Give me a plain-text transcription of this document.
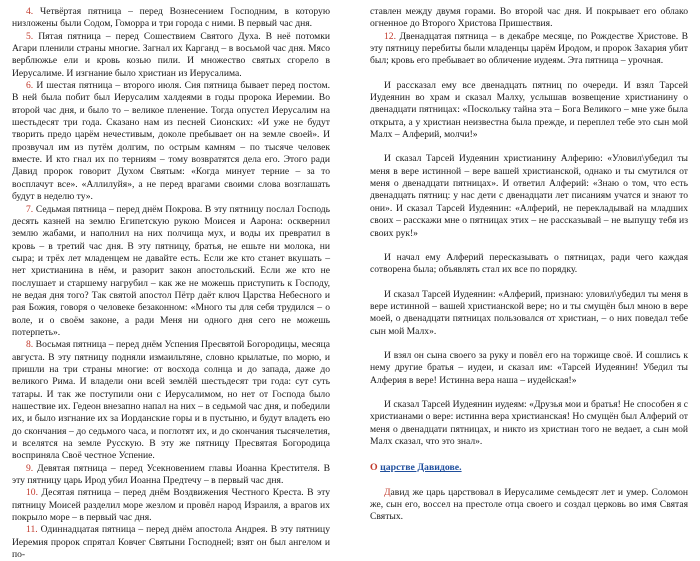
4. Четвёртая пятница – перед Вознесением Господним, в которую низложены были Содом, Гоморра и три города с ними. В первый час дня.

5. Пятая пятница – перед Сошествием Святого Духа. В неё потомки Агари пленили страны многие. Загнал их Карганд – в восьмой час дня. Мясо верблюжье ели и кровь козью пили. И множество святых сгорело в Иерусалиме. И изгнание было христиан из Иерусалима.

6. И шестая пятница – второго июля. Сия пятница бывает перед постом. В ней была побит был Иерусалим халдеями в годы пророка Иеремии. Во второй час дня, и было то – великое пленение. Тогда опустел Иерусалим на шестьдесят три года. Сказано нам из песней Сионских: «И уже не будут творить предо царём нечестивым, доколе пребывает он на земле своей». И прозвучал им из путём долгим, по острым камням – по тысяче человек вместе. И кто гнал их по терниям – тому возвратятся дела его. Этого ради Давид пророк говорит Духом Святым: «Когда минует терние – за то восплачут все». «Аллилуйя», а не перед врагами своими слова возглашать будут в неделю ту».

7. Седьмая пятница – перед днём Покрова. В эту пятницу послал Господь десять казней на землю Египетскую рукою Моисея и Аарона: осквернил землю жабами, и наполнил на них полчища мух, и воды их превратил в кровь – в третий час дня. В эту пятницу, братья, не ешьте ни молока, ни сыра; и трёх лет младенцем не давайте есть. Если же кто станет вкушать – нет христианина в нём, и разорит закон апостольский. Если же кто не послушает и старшему нагрубил – как же не можешь приступить к Господу, не ведая дня того? Так святой апостол Пётр даёт ключ Царства Небесного и рая Божия, говоря о человеке безаконном: «Много ты для себя трудился – о воле, и о своём законе, а ради Меня ни одного дня сего не можешь потерпеть».

8. Восьмая пятница – перед днём Успения Пресвятой Богородицы, месяца августа. В эту пятницу подняли измаильтяне, словно крылатые, по морю, и пришли на три страны многие: от восхода солнца и до запада, даже до великого Рима. И владели они всей землёй шестьдесят три года: сут суть татары. И так же поступили они с Иерусалимом, но нет от Господа было нашествие их. Гедеон внезапно напал на них – в седьмой час дня, и победили их, и было изгнание их за Иорданские горы и в пустыню, и будут владеть ею до скончания – до седьмого часа, и поглотят их, и до скончания тысячелетия, и вселятся на земле Русскую. В эту же пятницу Пресвятая Богородица восприняла Своё честное Успение.

9. Девятая пятница – перед Усекновением главы Иоанна Крестителя. В эту пятницу царь Ирод убил Иоанна Предтечу – в первый час дня.

10. Десятая пятница – перед днём Воздвижения Честного Креста. В эту пятницу Моисей разделил море жезлом и провёл народ Израиля, а врагов их покрыло море – в первый час дня.

11. Одиннадцатая пятница – перед днём апостола Андрея. В эту пятницу Иеремия пророк спрятал Ковчег Святыни Господней; взят он был ангелом и по-

ставлен между двумя горами. Во второй час дня. И покрывает его облако огненное до Второго Христова Пришествия.

12. Двенадцатая пятница – в декабре месяце, по Рождестве Христове. В эту пятницу перебиты были младенцы царём Иродом, и пророк Захария убит был; кровь его пребывает во обличение иудеям. Эта пятница – урочная.

И рассказал ему все двенадцать пятниц по очереди. И взял Тарсей Иудеянин во храм и сказал Малху, услышав возвещение христианину о двенадцати пятницах: «Поскольку тайна эта – Бога Великого – мне уже была открыта, а у христиан неизвестна была прежде, и переплел тебе это сын мой Малх – Алферий, молчи!»

И сказал Тарсей Иудеянин христианину Алферию: «Уловил\убедил ты меня в вере истинной – вере вашей христианской, однако и ты смутился от меня о двенадцати пятницах». И ответил Алферий: «Знаю о том, что есть двенадцать пятниц: у нас дети с двенадцати лет писаниям учатся и знают то они». И сказал Тарсей Иудеянин: «Алферий, не перекладывай на младших своих – расскажи мне о пятницах этих – не рассказывай – не выпущу тебя из своих рук!»

И начал ему Алферий пересказывать о пятницах, ради чего каждая сотворена была; объявлять стал их все по порядку.

И сказал Тарсей Иудеянин: «Алферий, признаю: уловил\убедил ты меня в вере истинной – вашей христианской вере; но и ты смущён был мною в вере моей, о двенадцати пятницах пользовался от христиан, – о них поведал тебе сын мой Малх».

И взял он сына своего за руку и повёл его на торжище своё. И сошлись к нему другие братья – иудеи, и сказал им: «Тарсей Иудеянин! Убедил ты Алферия в вере! Истинна вера наша – иудейская!»

И сказал Тарсей Иудеянин иудеям: «Друзья мои и братья! Не способен я с христианами о вере: истинна вера христианская! Но смущён был Алферий от меня о двенадцати пятницах, и никто из христиан того не ведает, а сын мой Малх сказал, что это знал».

О царстве Давидове.

Давид же царь царствовал в Иерусалиме семьдесят лет и умер. Соломон же, сын его, воссел на престоле отца своего и создал церковь во имя Святая Святых.
